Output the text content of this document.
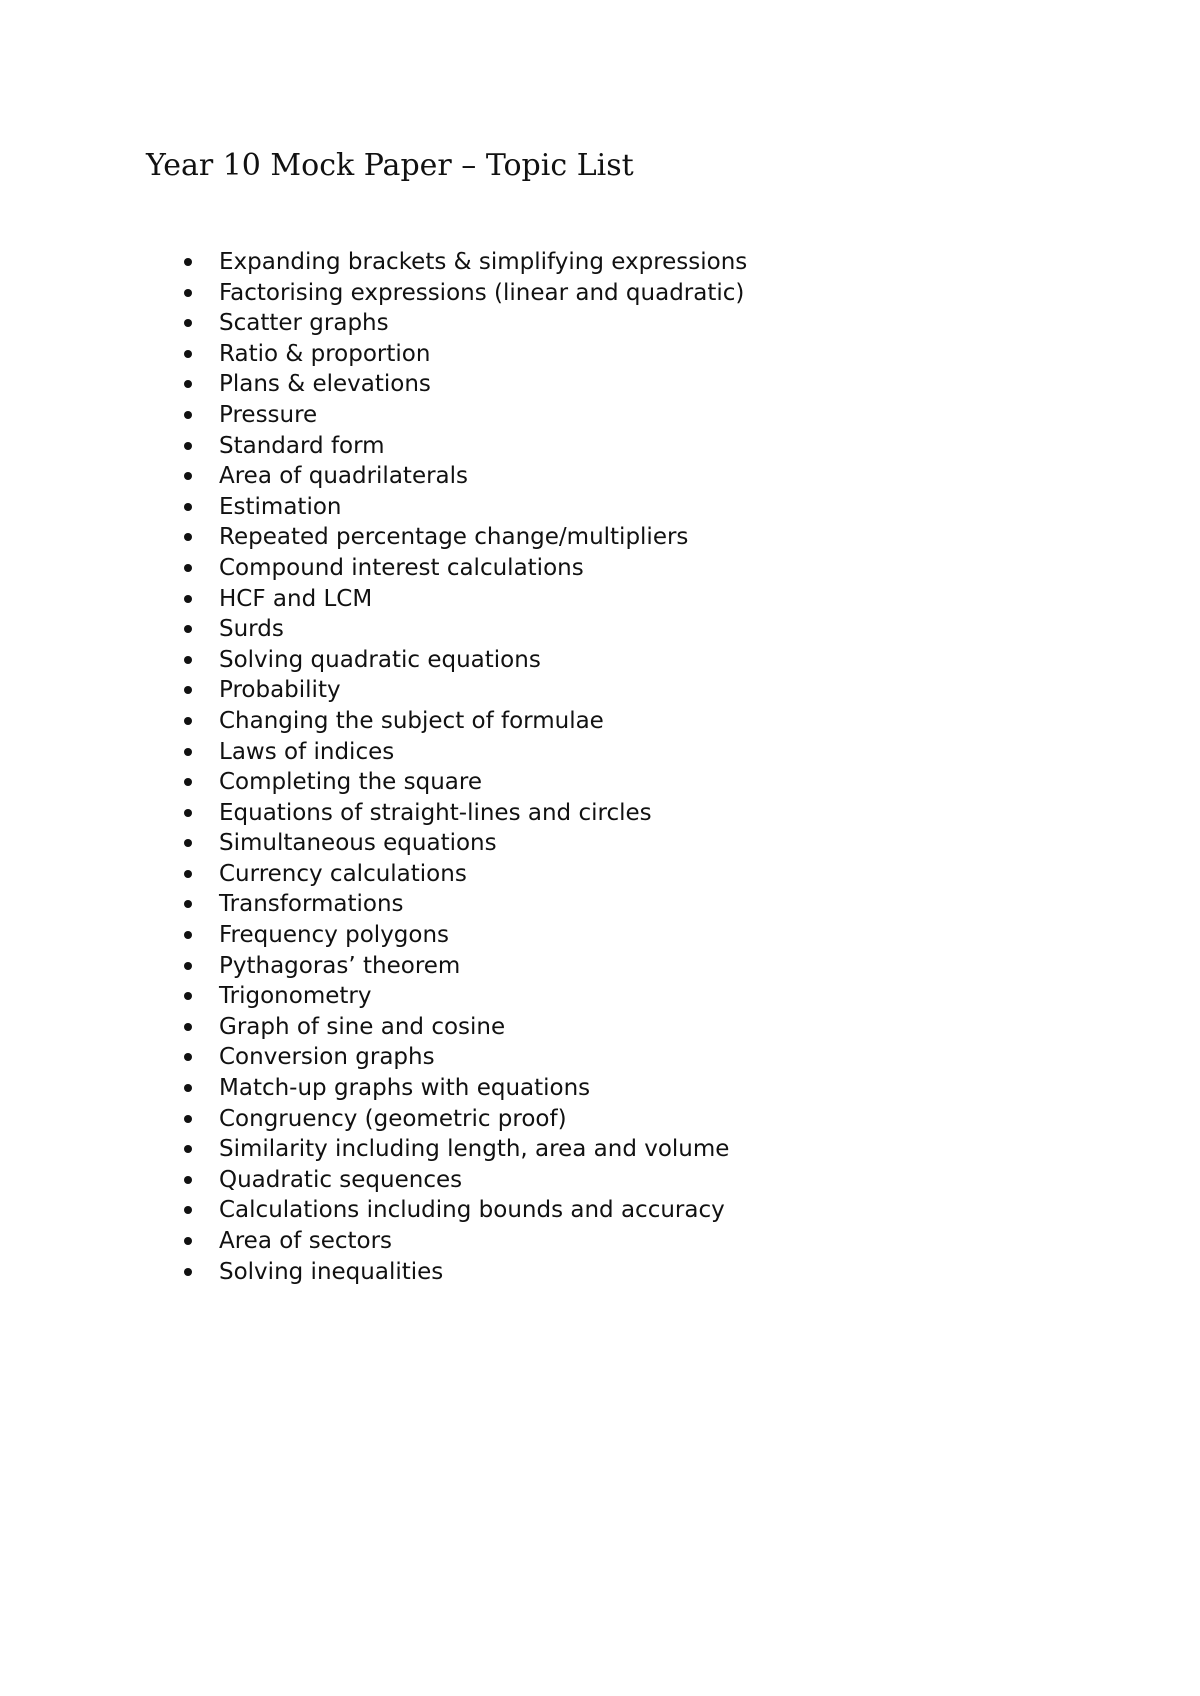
Year 10 Mock Paper – Topic List
Expanding brackets & simplifying expressions
Factorising expressions (linear and quadratic)
Scatter graphs
Ratio & proportion
Plans & elevations
Pressure
Standard form
Area of quadrilaterals
Estimation
Repeated percentage change/multipliers
Compound interest calculations
HCF and LCM
Surds
Solving quadratic equations
Probability
Changing the subject of formulae
Laws of indices
Completing the square
Equations of straight-lines and circles
Simultaneous equations
Currency calculations
Transformations
Frequency polygons
Pythagoras’ theorem
Trigonometry
Graph of sine and cosine
Conversion graphs
Match-up graphs with equations
Congruency (geometric proof)
Similarity including length, area and volume
Quadratic sequences
Calculations including bounds and accuracy
Area of sectors
Solving inequalities
